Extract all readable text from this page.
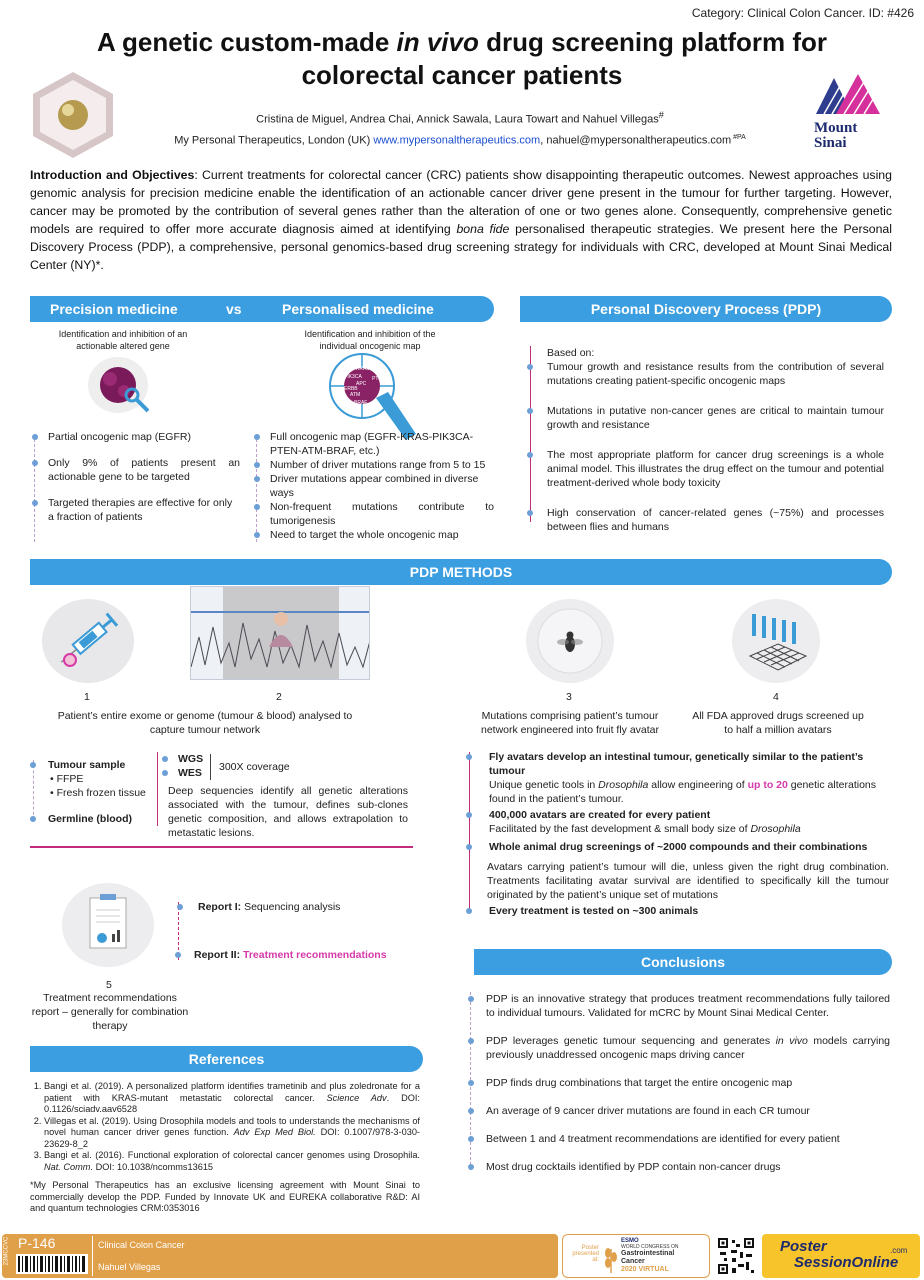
Category: Clinical Colon Cancer. ID: #426
A genetic custom-made in vivo drug screening platform for
colorectal cancer patients
Cristina de Miguel, Andrea Chai, Annick Sawala, Laura Towart and Nahuel Villegas#
My Personal Therapeutics, London (UK) www.mypersonaltherapeutics.com, nahuel@mypersonaltherapeutics.com $^{\#PA}$
Mount
Sinai
Introduction and Objectives: Current treatments for colorectal cancer (CRC) patients show disappointing therapeutic outcomes. Newest approaches using genomic analysis for precision medicine enable the identification of an actionable cancer driver gene present in the tumour for further targeting. However, cancer may be promoted by the contribution of several genes rather than the alteration of one or two genes alone. Consequently, comprehensive genetic models are required to offer more accurate diagnosis aimed at identifying bona fide personalised therapeutic strategies. We present here the Personal Discovery Process (PDP), a comprehensive, personal genomics-based drug screening strategy for individuals with CRC, developed at Mount Sinai Medical Center (NY)*.
Precision medicine	vs	Personalised medicine	Personal Discovery Process (PDP)
Identification and inhibition of an actionable altered gene
Partial oncogenic map (EGFR)
Only 9% of patients present an actionable gene to be targeted
Targeted therapies are effective for only a fraction of patients
Identification and inhibition of the individual oncogenic map
KRAS
PIK3CA PTEN
APC
ERBB
ATM
BRAF
Full oncogenic map (EGFR-KRAS-PIK3CA-PTEN-ATM-BRAF, etc.)
Number of driver mutations range from 5 to 15
Driver mutations appear combined in diverse ways
Non-frequent mutations contribute to tumorigenesis
Need to target the whole oncogenic map
Based on:
Tumour growth and resistance results from the contribution of several mutations creating patient-specific oncogenic maps
Mutations in putative non-cancer genes are critical to maintain tumour growth and resistance
The most appropriate platform for cancer drug screenings is a whole animal model. This illustrates the drug effect on the tumour and potential treatment-derived whole body toxicity
High conservation of cancer-related genes (~75%) and processes between flies and humans
PDP METHODS
1	2	3	4
Patient’s entire exome or genome (tumour & blood) analysed to capture tumour network
Mutations comprising patient’s tumour network engineered into fruit fly avatar
All FDA approved drugs screened up to half a million avatars
Tumour sample
• FFPE
• Fresh frozen tissue
Germline (blood)
WGS
WES	300X coverage
Deep sequencies identify all genetic alterations associated with the tumour, defines sub-clones genetic composition, and allows extrapolation to metastatic lesions.
Fly avatars develop an intestinal tumour, genetically similar to the patient’s tumour
Unique genetic tools in Drosophila allow engineering of up to 20 genetic alterations found in the patient’s tumour.
400,000 avatars are created for every patient
Facilitated by the fast development & small body size of Drosophila
Whole animal drug screenings of ~2000 compounds and their combinations
Avatars carrying patient’s tumour will die, unless given the right drug combination. Treatments facilitating avatar survival are identified to specifically kill the tumour originated by the patient’s unique set of mutations
Every treatment is tested on ~300 animals
Report I: Sequencing analysis
Report II: Treatment recommendations
5
Treatment recommendations report – generally for combination therapy
References
1. Bangi et al. (2019). A personalized platform identifies trametinib and plus zoledronate for a patient with KRAS-mutant metastatic colorectal cancer. Science Adv. DOI: 0.1126/sciadv.aav6528
2. Villegas et al. (2019). Using Drosophila models and tools to understands the mechanisms of novel human cancer driver genes function. Adv Exp Med Biol. DOI: 0.1007/978-3-030-23629-8_2
3. Bangi et al. (2016). Functional exploration of colorectal cancer genomes using Drosophila. Nat. Comm. DOI: 10.1038/ncomms13615
*My Personal Therapeutics has an exclusive licensing agreement with Mount Sinai to commercially develop the PDP. Funded by Innovate UK and EUREKA collaborative R&D: AI and quantum technologies CRM:0353016
Conclusions
PDP is an innovative strategy that produces treatment recommendations fully tailored to individual tumours. Validated for mCRC by Mount Sinai Medical Center.
PDP leverages genetic tumour sequencing and generates in vivo models carrying previously unaddressed oncogenic maps driving cancer
PDP finds drug combinations that target the entire oncogenic map
An average of 9 cancer driver mutations are found in each CR tumour
Between 1 and 4 treatment recommendations are identified for every patient
Most drug cocktails identified by PDP contain non-cancer drugs
23MCCVC P-146	Clinical Colon Cancer
Nahuel Villegas
Poster
presented at:
ESMO
WORLD CONGRESS ON
Gastrointestinal
Cancer
2020 VIRTUAL
Poster
SessionOnline
.com
